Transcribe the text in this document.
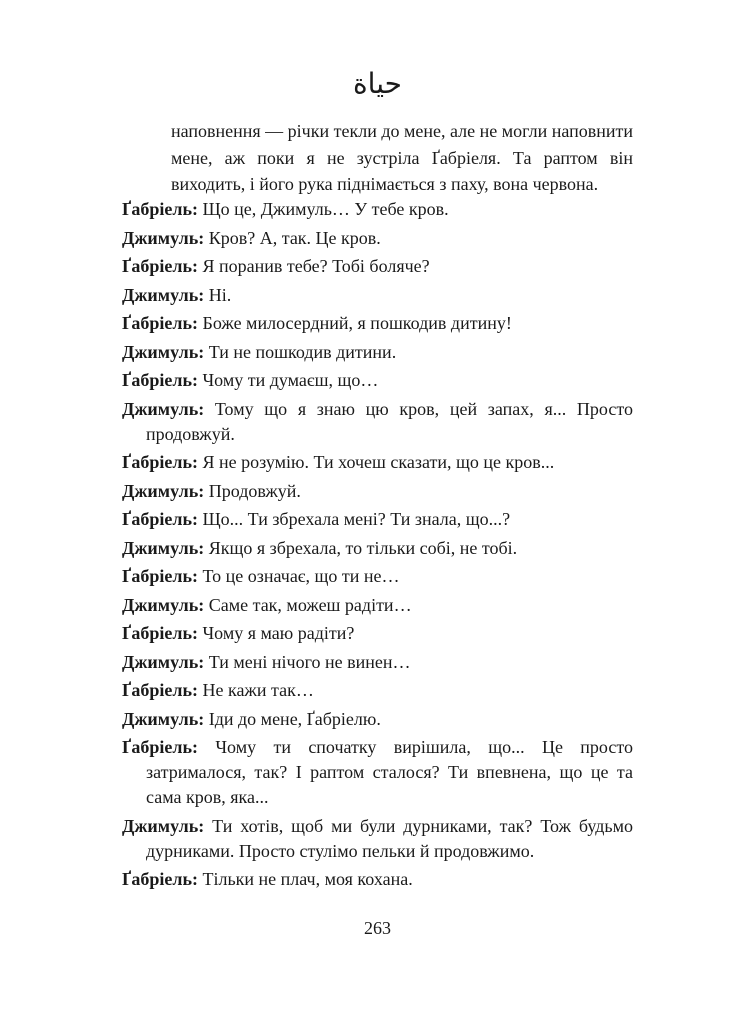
حياة

наповнення — річки текли до мене, але не могли наповнити мене, аж поки я не зустріла Ґабріеля. Та раптом він виходить, і його рука піднімається з паху, вона червона.

Ґабріель: Що це, Джимуль… У тебе кров.

Джимуль: Кров? А, так. Це кров.

Ґабріель: Я поранив тебе? Тобі боляче?

Джимуль: Ні.

Ґабріель: Боже милосердний, я пошкодив дитину!

Джимуль: Ти не пошкодив дитини.

Ґабріель: Чому ти думаєш, що…

Джимуль: Тому що я знаю цю кров, цей запах, я... Просто продовжуй.

Ґабріель: Я не розумію. Ти хочеш сказати, що це кров...

Джимуль: Продовжуй.

Ґабріель: Що... Ти збрехала мені? Ти знала, що...?

Джимуль: Якщо я збрехала, то тільки собі, не тобі.

Ґабріель: То це означає, що ти не…

Джимуль: Саме так, можеш радіти…

Ґабріель: Чому я маю радіти?

Джимуль: Ти мені нічого не винен…

Ґабріель: Не кажи так…

Джимуль: Іди до мене, Ґабріелю.

Ґабріель: Чому ти спочатку вирішила, що... Це просто затрималося, так? І раптом сталося? Ти впевнена, що це та сама кров, яка...

Джимуль: Ти хотів, щоб ми були дурниками, так? Тож будьмо дурниками. Просто стулімо пельки й продовжимо.

Ґабріель: Тільки не плач, моя кохана.

263
